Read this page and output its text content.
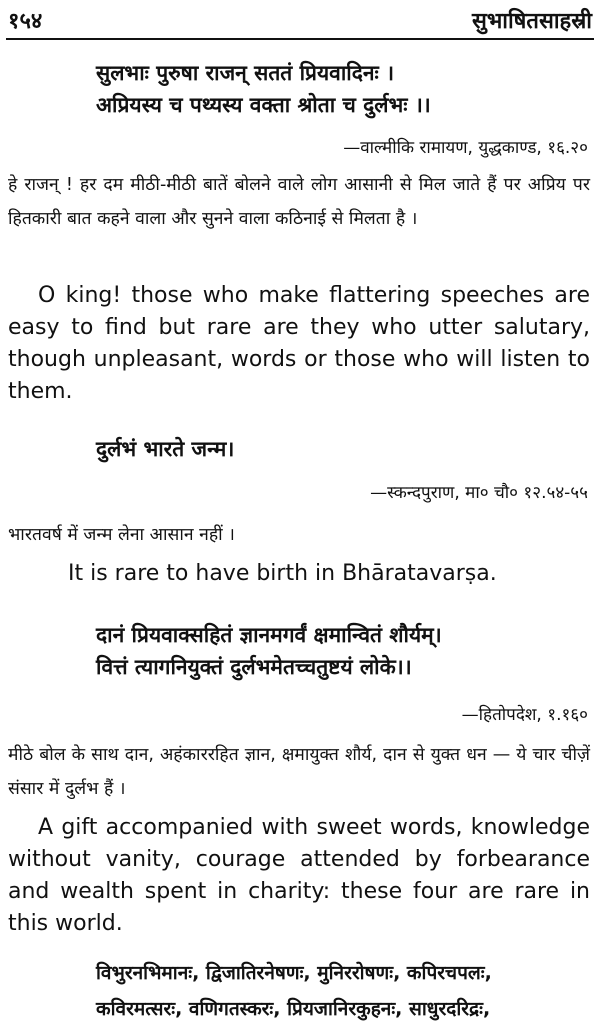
१५४	सुभाषितसाहस्री
सुलभाः पुरुषा राजन् सततं प्रियवादिनः ।
अप्रियस्य च पथ्यस्य वक्ता श्रोता च दुर्लभः ।।
—वाल्मीकि रामायण, युद्धकाण्ड, १६.२०
हे राजन् ! हर दम मीठी-मीठी बातें बोलने वाले लोग आसानी से मिल जाते हैं पर अप्रिय पर हितकारी बात कहने वाला और सुनने वाला कठिनाई से मिलता है ।
O king! those who make flattering speeches are easy to find but rare are they who utter salutary, though unpleasant, words or those who will listen to them.
दुर्लभं भारते जन्म।
—स्कन्दपुराण, मा० चौ० १२.५४-५५
भारतवर्ष में जन्म लेना आसान नहीं ।
It is rare to have birth in Bhāratavarṣa.
दानं प्रियवाक्सहितं ज्ञानमगर्वं क्षमान्वितं शौर्यम्।
वित्तं त्यागनियुक्तं दुर्लभमेतच्चतुष्टयं लोके।।
—हितोपदेश, १.१६०
मीठे बोल के साथ दान, अहंकाररहित ज्ञान, क्षमायुक्त शौर्य, दान से युक्त धन — ये चार चीज़ें संसार में दुर्लभ हैं ।
A gift accompanied with sweet words, knowledge without vanity, courage attended by forbearance and wealth spent in charity: these four are rare in this world.
विभुरनभिमानः, द्विजातिरनेषणः, मुनिररोषणः, कपिरचपलः,
कविरमत्सरः, वणिगतस्करः, प्रियजानिरकुहनः, साधुरदरिद्रः,
